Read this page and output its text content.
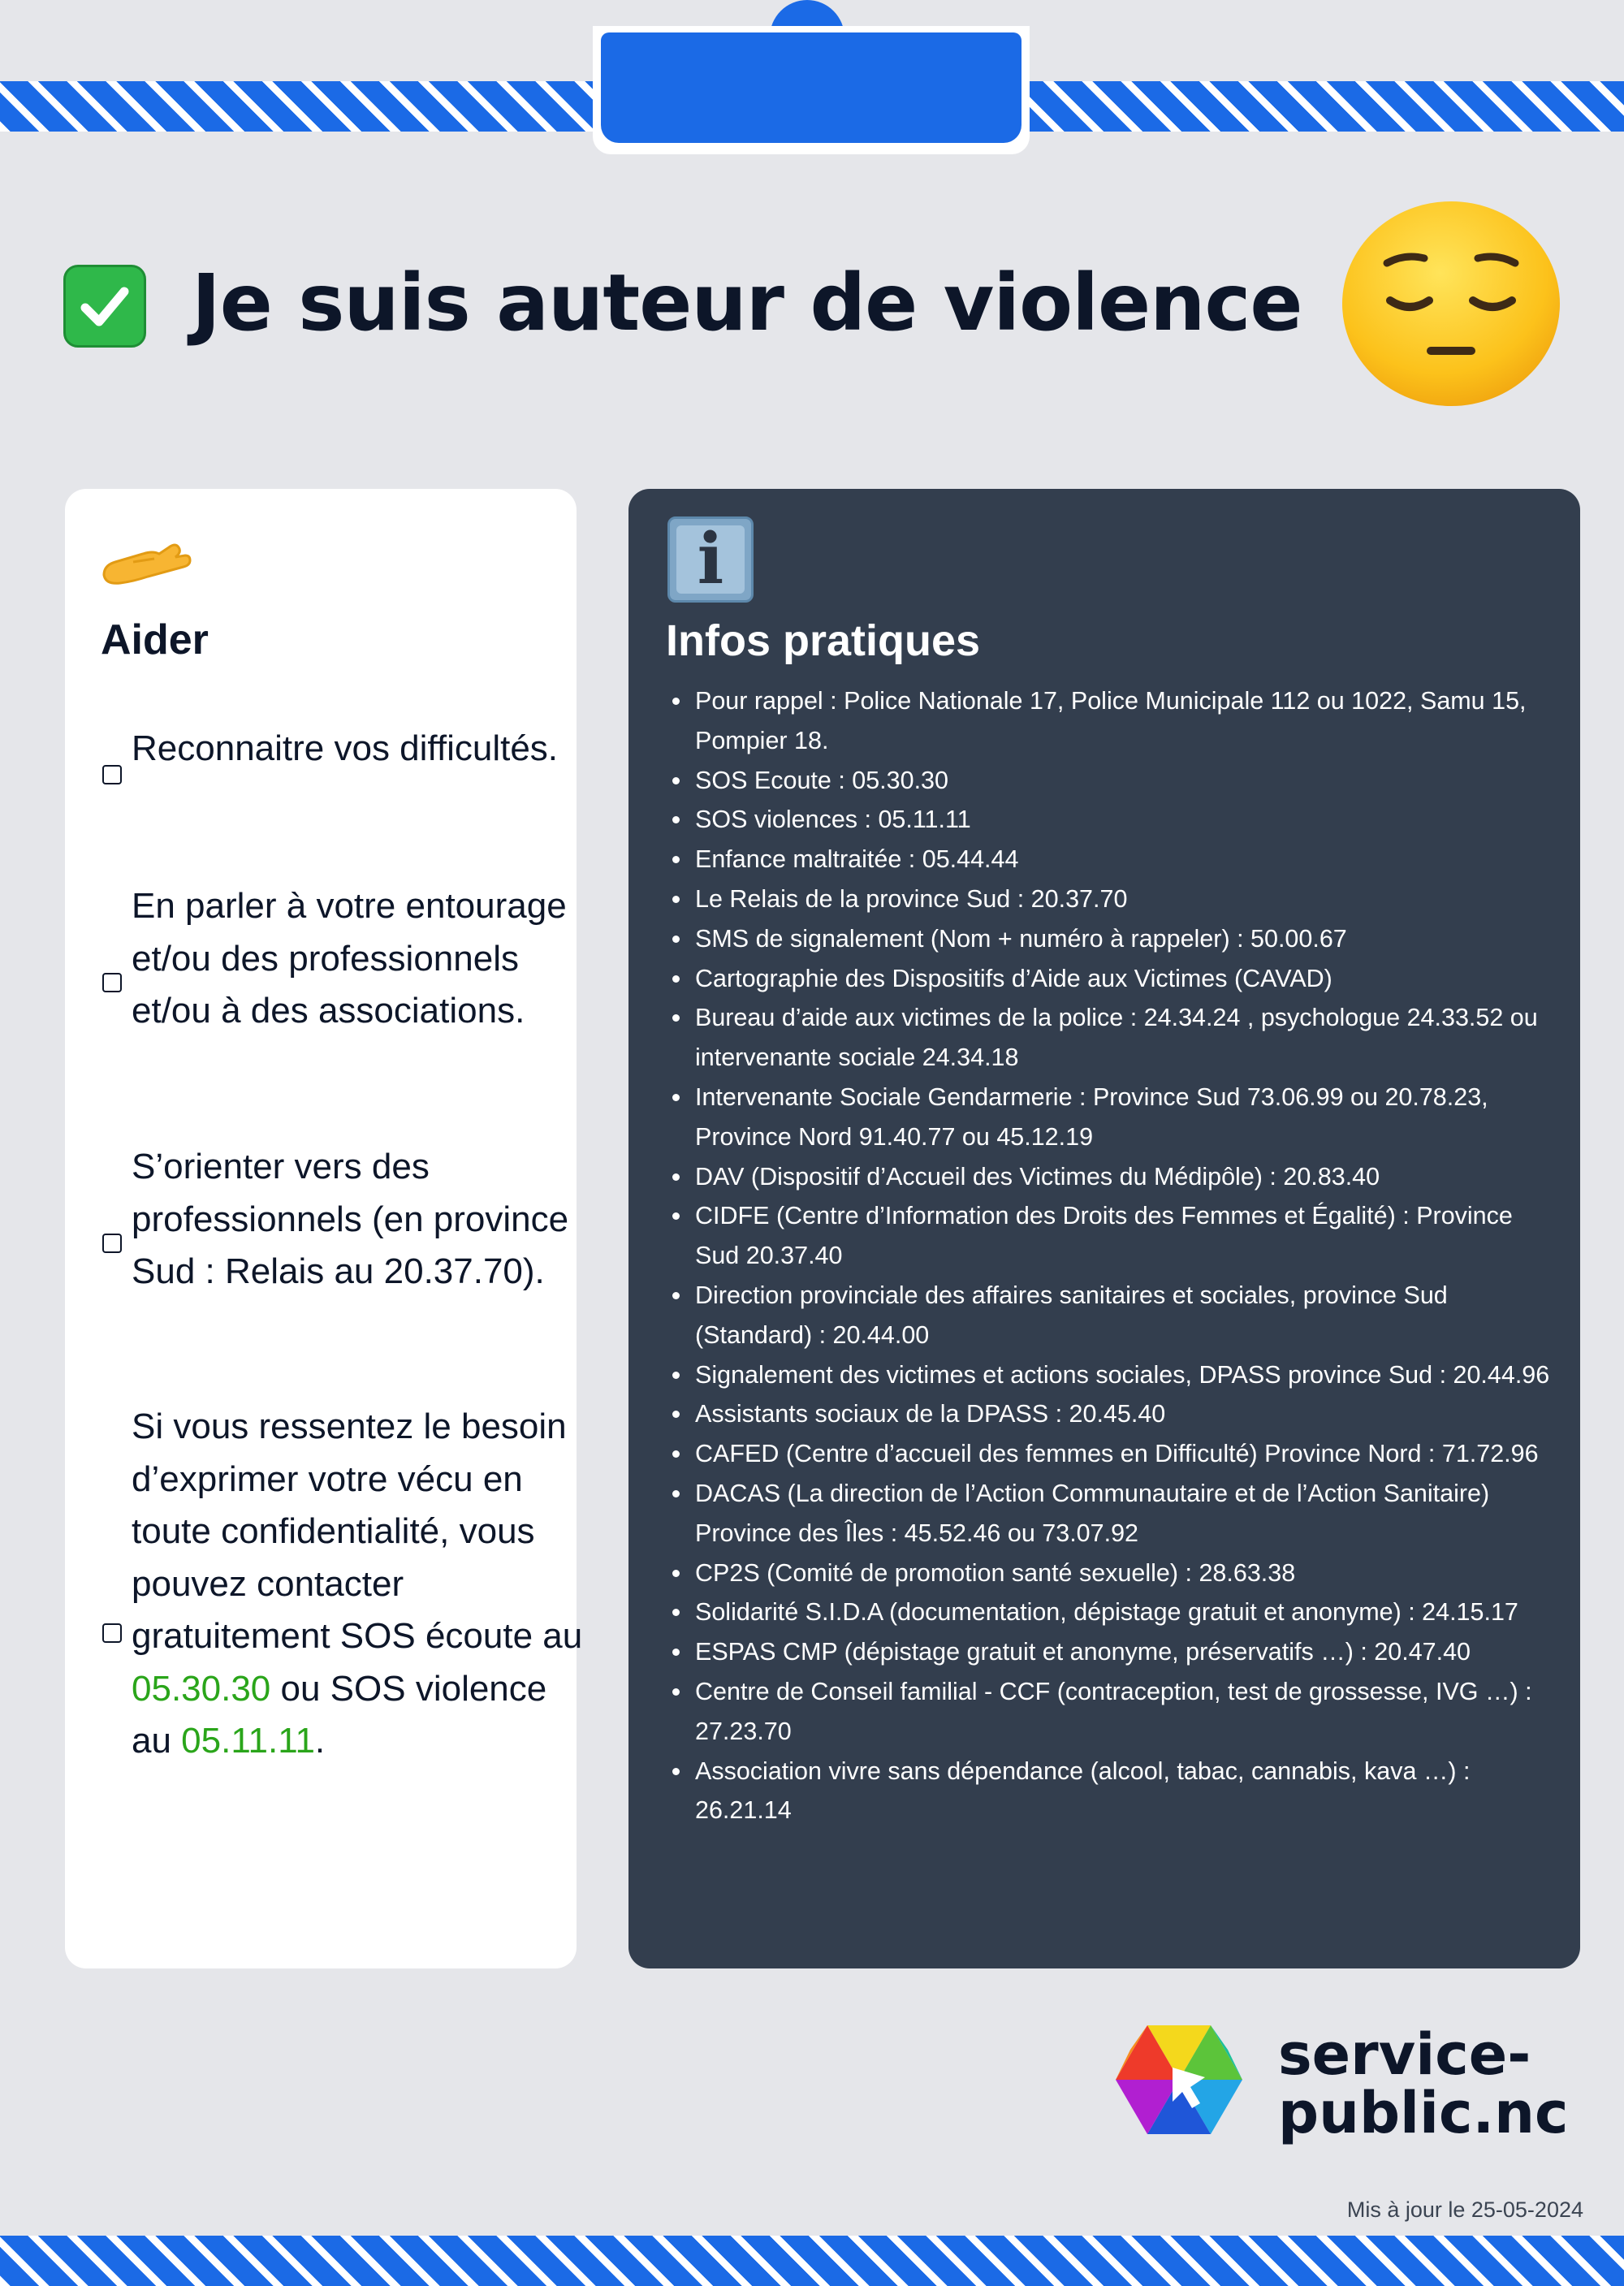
Je suis auteur de violence
Aider
Reconnaitre vos difficultés.
En parler à votre entourage et/ou des professionnels et/ou à des associations.
S’orienter vers des professionnels (en province Sud : Relais au 20.37.70).
Si vous ressentez le besoin d’exprimer votre vécu en toute confidentialité, vous pouvez contacter gratuitement SOS écoute au 05.30.30 ou SOS violence au 05.11.11.
i
Infos pratiques
Pour rappel : Police Nationale 17, Police Municipale 112 ou 1022, Samu 15, Pompier 18.
SOS Ecoute : 05.30.30
SOS violences : 05.11.11
Enfance maltraitée : 05.44.44
Le Relais de la province Sud : 20.37.70
SMS de signalement (Nom + numéro à rappeler) : 50.00.67
Cartographie des Dispositifs d’Aide aux Victimes (CAVAD)
Bureau d’aide aux victimes de la police : 24.34.24 , psychologue 24.33.52 ou intervenante sociale 24.34.18
Intervenante Sociale Gendarmerie : Province Sud 73.06.99 ou 20.78.23, Province Nord 91.40.77 ou 45.12.19
DAV (Dispositif d’Accueil des Victimes du Médipôle) : 20.83.40
CIDFE (Centre d’Information des Droits des Femmes et Égalité) : Province Sud 20.37.40
Direction provinciale des affaires sanitaires et sociales, province Sud (Standard) : 20.44.00
Signalement des victimes et actions sociales, DPASS province Sud : 20.44.96
Assistants sociaux de la DPASS : 20.45.40
CAFED (Centre d’accueil des femmes en Difficulté) Province Nord : 71.72.96
DACAS (La direction de l’Action Communautaire et de l’Action Sanitaire) Province des Îles : 45.52.46 ou 73.07.92
CP2S (Comité de promotion santé sexuelle) : 28.63.38
Solidarité S.I.D.A (documentation, dépistage gratuit et anonyme) : 24.15.17
ESPAS CMP (dépistage gratuit et anonyme, préservatifs …) : 20.47.40
Centre de Conseil familial - CCF (contraception, test de grossesse, IVG …) : 27.23.70
Association vivre sans dépendance (alcool, tabac, cannabis, kava …) : 26.21.14
service-
public.nc
Mis à jour le 25-05-2024
